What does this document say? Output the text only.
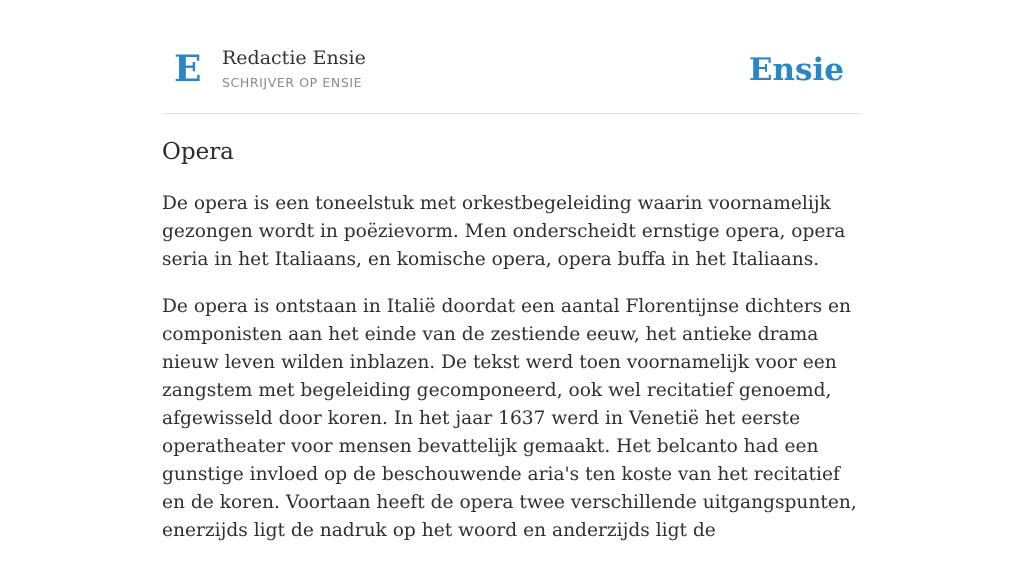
E Redactie Ensie
SCHRIJVER OP ENSIE	Ensie
Opera

De opera is een toneelstuk met orkestbegeleiding waarin voornamelijk gezongen wordt in poëzievorm. Men onderscheidt ernstige opera, opera seria in het Italiaans, en komische opera, opera buffa in het Italiaans.

De opera is ontstaan in Italië doordat een aantal Florentijnse dichters en componisten aan het einde van de zestiende eeuw, het antieke drama nieuw leven wilden inblazen. De tekst werd toen voornamelijk voor een zangstem met begeleiding gecomponeerd, ook wel recitatief genoemd, afgewisseld door koren. In het jaar 1637 werd in Venetië het eerste operatheater voor mensen bevattelijk gemaakt. Het belcanto had een gunstige invloed op de beschouwende aria's ten koste van het recitatief en de koren. Voortaan heeft de opera twee verschillende uitgangspunten, enerzijds ligt de nadruk op het woord en anderzijds ligt de
